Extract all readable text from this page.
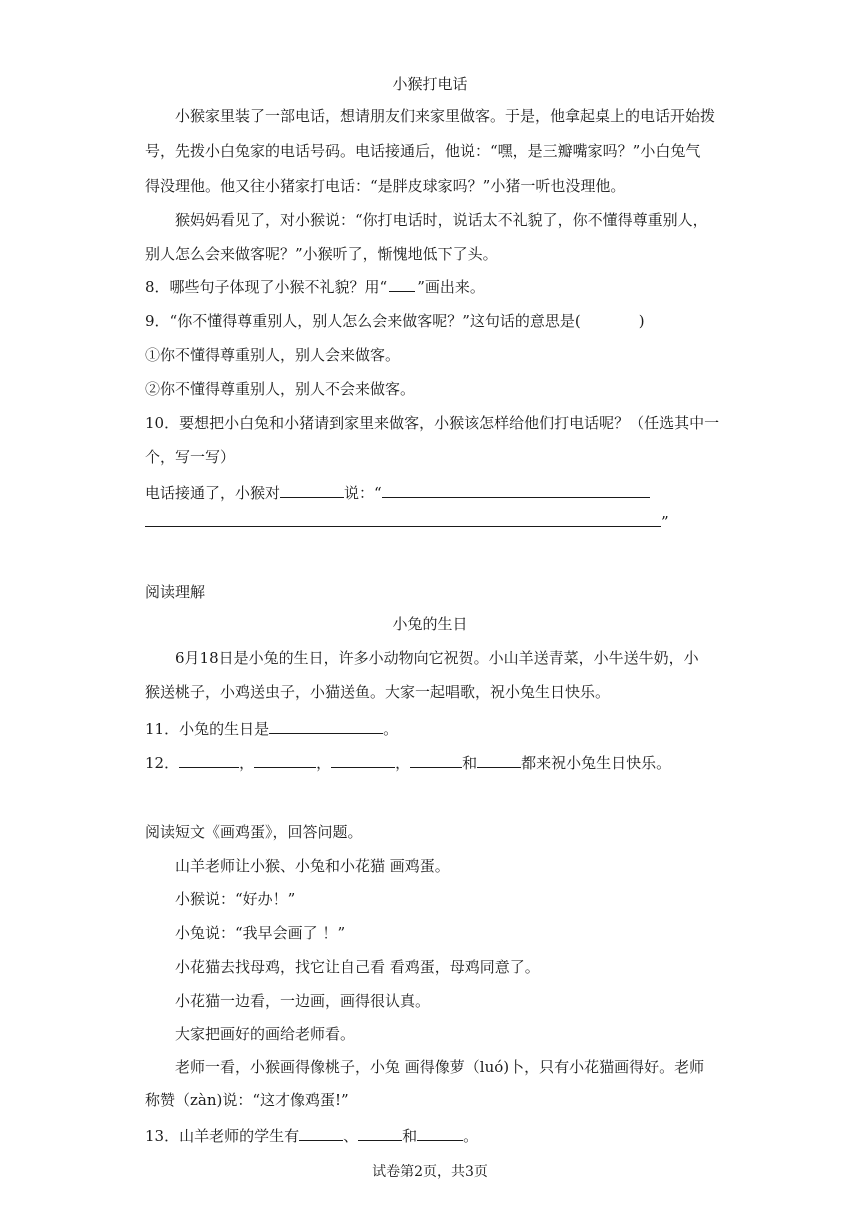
小猴打电话
小猴家里装了一部电话，想请朋友们来家里做客。于是，他拿起桌上的电话开始拨
号，先拨小白兔家的电话号码。电话接通后，他说：“嘿，是三瓣嘴家吗？”小白兔气
得没理他。他又往小猪家打电话：“是胖皮球家吗？”小猪一听也没理他。
猴妈妈看见了，对小猴说：“你打电话时，说话太不礼貌了，你不懂得尊重别人，
别人怎么会来做客呢？”小猴听了，惭愧地低下了头。
8．哪些句子体现了小猴不礼貌？用“ ”画出来。
9．“你不懂得尊重别人，别人怎么会来做客呢？”这句话的意思是(	)
①你不懂得尊重别人，别人会来做客。
②你不懂得尊重别人，别人不会来做客。
10．要想把小白兔和小猪请到家里来做客，小猴该怎样给他们打电话呢？（任选其中一
个，写一写）
电话接通了，小猴对	说：“
”
阅读理解
小兔的生日
6月18日是小兔的生日，许多小动物向它祝贺。小山羊送青菜，小牛送牛奶，小
猴送桃子，小鸡送虫子，小猫送鱼。大家一起唱歌，祝小兔生日快乐。
11．小兔的生日是	。
12．	，	，	，	和	都来祝小兔生日快乐。
阅读短文《画鸡蛋》，回答问题。
山羊老师让小猴、小兔和小花猫 画鸡蛋。
小猴说：“好办！”
小兔说：“我早会画了 ！”
小花猫去找母鸡，找它让自己看 看鸡蛋，母鸡同意了。
小花猫一边看，一边画，画得很认真。
大家把画好的画给老师看。
老师一看，小猴画得像桃子，小兔 画得像萝（luó)卜，只有小花猫画得好。老师
称赞（zàn)说：“这才像鸡蛋!”
13．山羊老师的学生有	、	和	。
试卷第2页，共3页
